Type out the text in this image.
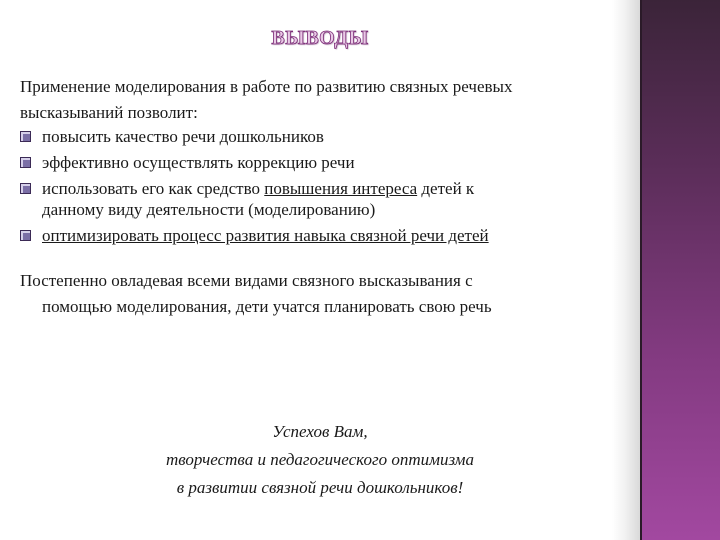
ВЫВОДЫ

Применение моделирования в работе по развитию связных речевых
высказываний позволит:

повысить качество речи дошкольников
эффективно осуществлять коррекцию речи
использовать его как средство повышения интереса детей к
данному виду деятельности (моделированию)
оптимизировать процесс развития навыка связной речи детей

Постепенно овладевая всеми видами связного высказывания с
помощью моделирования, дети учатся планировать свою речь

Успехов Вам,
творчества и педагогического оптимизма
в развитии связной речи дошкольников!
